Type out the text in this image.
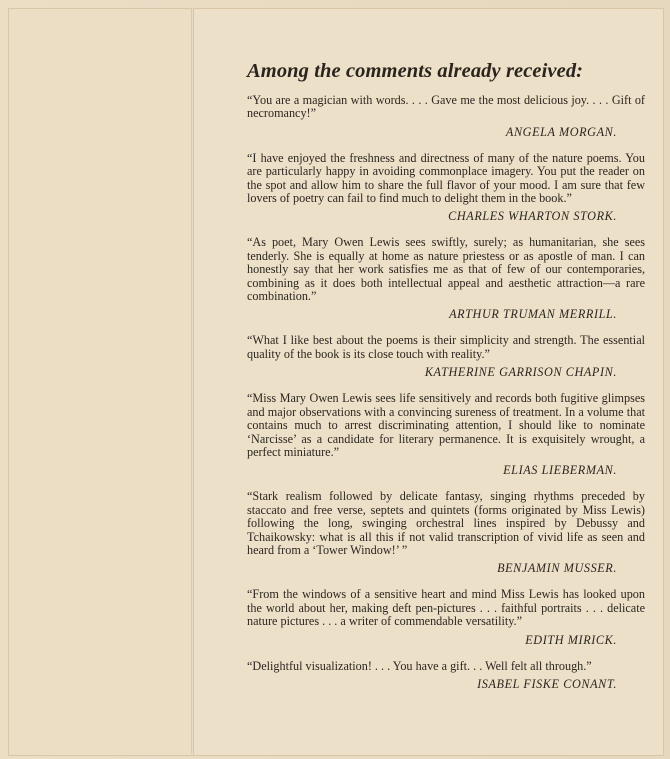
Among the comments already received:

“You are a magician with words. . . . Gave me the most delicious joy. . . . Gift of necromancy!”

ANGELA MORGAN.

“I have enjoyed the freshness and directness of many of the nature poems. You are particularly happy in avoiding commonplace imagery. You put the reader on the spot and allow him to share the full flavor of your mood. I am sure that few lovers of poetry can fail to find much to delight them in the book.”

CHARLES WHARTON STORK.

“As poet, Mary Owen Lewis sees swiftly, surely; as humanitarian, she sees tenderly. She is equally at home as nature priestess or as apostle of man. I can honestly say that her work satisfies me as that of few of our contemporaries, combining as it does both intellectual appeal and aesthetic attraction—a rare combination.”

ARTHUR TRUMAN MERRILL.

“What I like best about the poems is their simplicity and strength. The essential quality of the book is its close touch with reality.”

KATHERINE GARRISON CHAPIN.

“Miss Mary Owen Lewis sees life sensitively and records both fugitive glimpses and major observations with a convincing sureness of treatment. In a volume that contains much to arrest discriminating attention, I should like to nominate ‘Narcisse’ as a candidate for literary permanence. It is exquisitely wrought, a perfect miniature.”

ELIAS LIEBERMAN.

“Stark realism followed by delicate fantasy, singing rhythms preceded by staccato and free verse, septets and quintets (forms originated by Miss Lewis) following the long, swinging orchestral lines inspired by Debussy and Tchaikowsky: what is all this if not valid transcription of vivid life as seen and heard from a ‘Tower Window!’ ”

BENJAMIN MUSSER.

“From the windows of a sensitive heart and mind Miss Lewis has looked upon the world about her, making deft pen-pictures . . . faithful portraits . . . delicate nature pictures . . . a writer of commendable versatility.”

EDITH MIRICK.

“Delightful visualization! . . . You have a gift. . . Well felt all through.”

ISABEL FISKE CONANT.
